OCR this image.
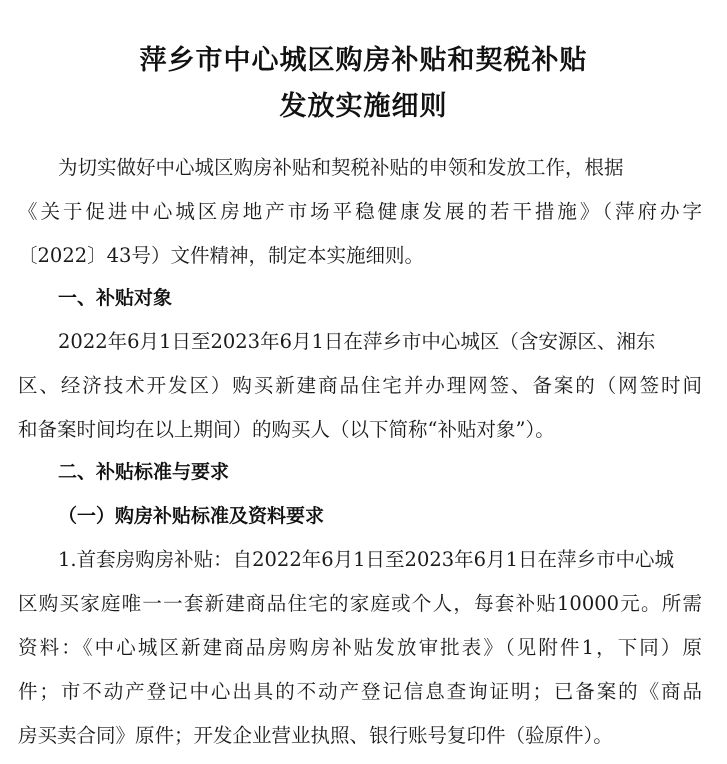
萍乡市中心城区购房补贴和契税补贴
发放实施细则
为切实做好中心城区购房补贴和契税补贴的申领和发放工作，根据
《关于促进中心城区房地产市场平稳健康发展的若干措施》（萍府办字
〔2022〕43号）文件精神，制定本实施细则。
一、补贴对象
2022年6月1日至2023年6月1日在萍乡市中心城区（含安源区、湘东
区、经济技术开发区）购买新建商品住宅并办理网签、备案的（网签时间
和备案时间均在以上期间）的购买人（以下简称“补贴对象”）。
二、补贴标准与要求
（一）购房补贴标准及资料要求
1.首套房购房补贴：自2022年6月1日至2023年6月1日在萍乡市中心城
区购买家庭唯一一套新建商品住宅的家庭或个人，每套补贴10000元。所需
资料：《中心城区新建商品房购房补贴发放审批表》（见附件1，下同）原
件；市不动产登记中心出具的不动产登记信息查询证明；已备案的《商品
房买卖合同》原件；开发企业营业执照、银行账号复印件（验原件）。
